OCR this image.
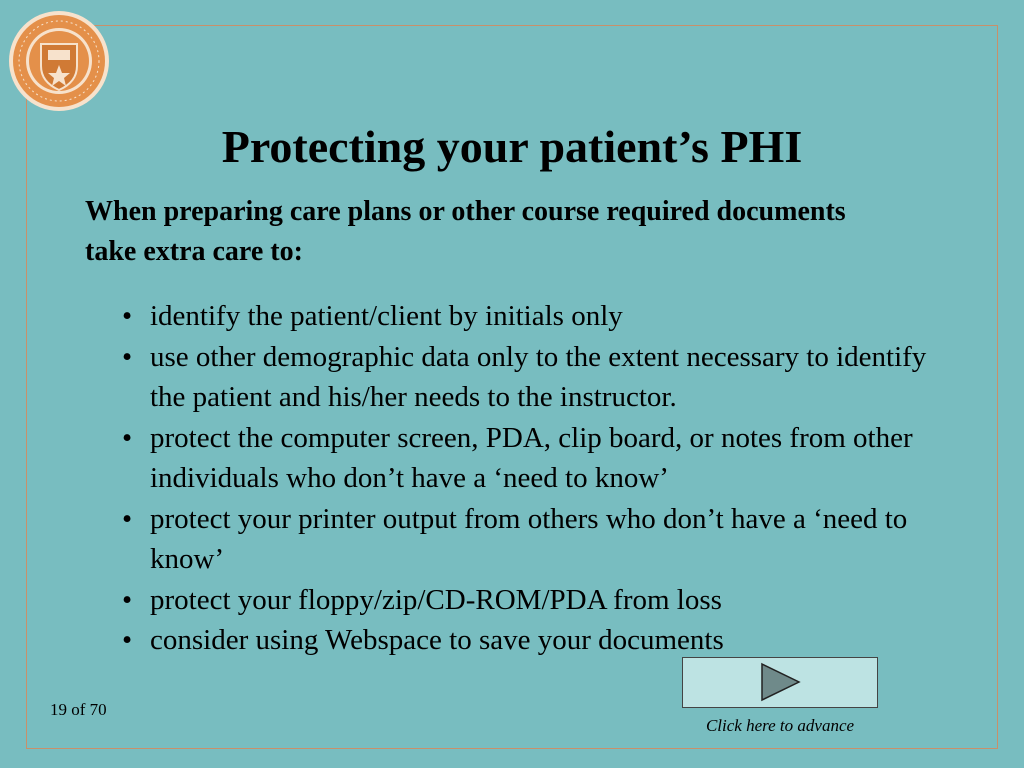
Protecting your patient’s PHI
When preparing care plans or other course required documents take extra care to:
• identify the patient/client by initials only
• use other demographic data only to the extent necessary to identify the patient and his/her needs to the instructor.
• protect the computer screen, PDA, clip board, or notes from other individuals who don’t have a ‘need to know’
• protect your printer output from others who don’t have a ‘need to know’
• protect your floppy/zip/CD-ROM/PDA from loss
• consider using Webspace to save your documents
19 of 70
Click here to advance
